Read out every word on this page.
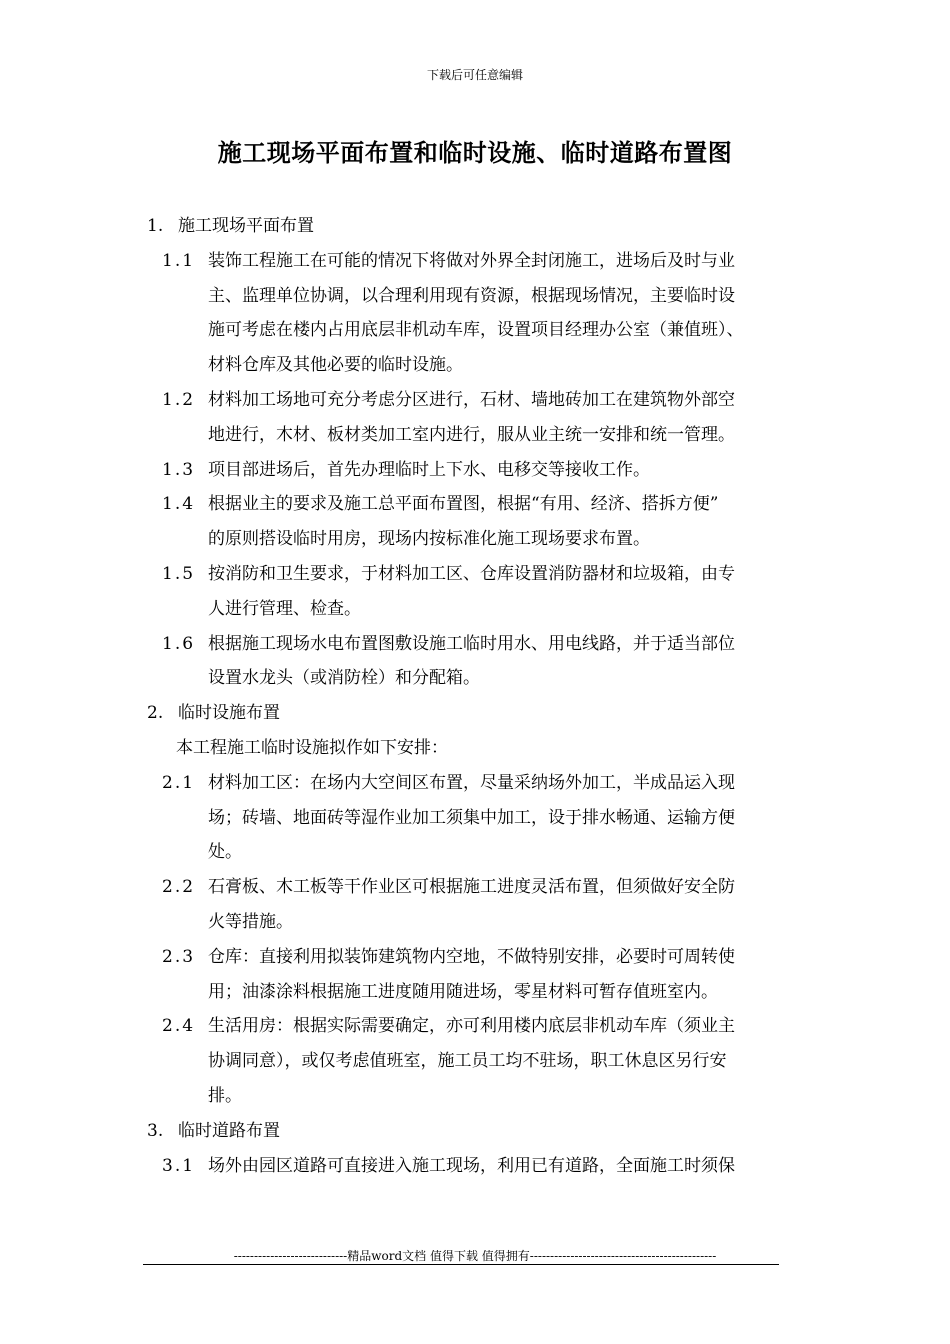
下载后可任意编辑
施工现场平面布置和临时设施、临时道路布置图
1. 施工现场平面布置
1.1 装饰工程施工在可能的情况下将做对外界全封闭施工，进场后及时与业
主、监理单位协调，以合理利用现有资源，根据现场情况，主要临时设
施可考虑在楼内占用底层非机动车库，设置项目经理办公室（兼值班）、
材料仓库及其他必要的临时设施。
1.2 材料加工场地可充分考虑分区进行，石材、墙地砖加工在建筑物外部空
地进行，木材、板材类加工室内进行，服从业主统一安排和统一管理。
1.3 项目部进场后，首先办理临时上下水、电移交等接收工作。
1.4 根据业主的要求及施工总平面布置图，根据“有用、经济、搭拆方便”
的原则搭设临时用房，现场内按标准化施工现场要求布置。
1.5 按消防和卫生要求，于材料加工区、仓库设置消防器材和垃圾箱，由专
人进行管理、检查。
1.6 根据施工现场水电布置图敷设施工临时用水、用电线路，并于适当部位
设置水龙头（或消防栓）和分配箱。
2. 临时设施布置
本工程施工临时设施拟作如下安排：
2.1 材料加工区：在场内大空间区布置，尽量采纳场外加工，半成品运入现
场；砖墙、地面砖等湿作业加工须集中加工，设于排水畅通、运输方便
处。
2.2 石膏板、木工板等干作业区可根据施工进度灵活布置，但须做好安全防
火等措施。
2.3 仓库：直接利用拟装饰建筑物内空地，不做特别安排，必要时可周转使
用；油漆涂料根据施工进度随用随进场，零星材料可暂存值班室内。
2.4 生活用房：根据实际需要确定，亦可利用楼内底层非机动车库（须业主
协调同意），或仅考虑值班室，施工员工均不驻场，职工休息区另行安
排。
3. 临时道路布置
3.1 场外由园区道路可直接进入施工现场，利用已有道路，全面施工时须保
----------------------------精品word文档 值得下载 值得拥有----------------------------------------------
